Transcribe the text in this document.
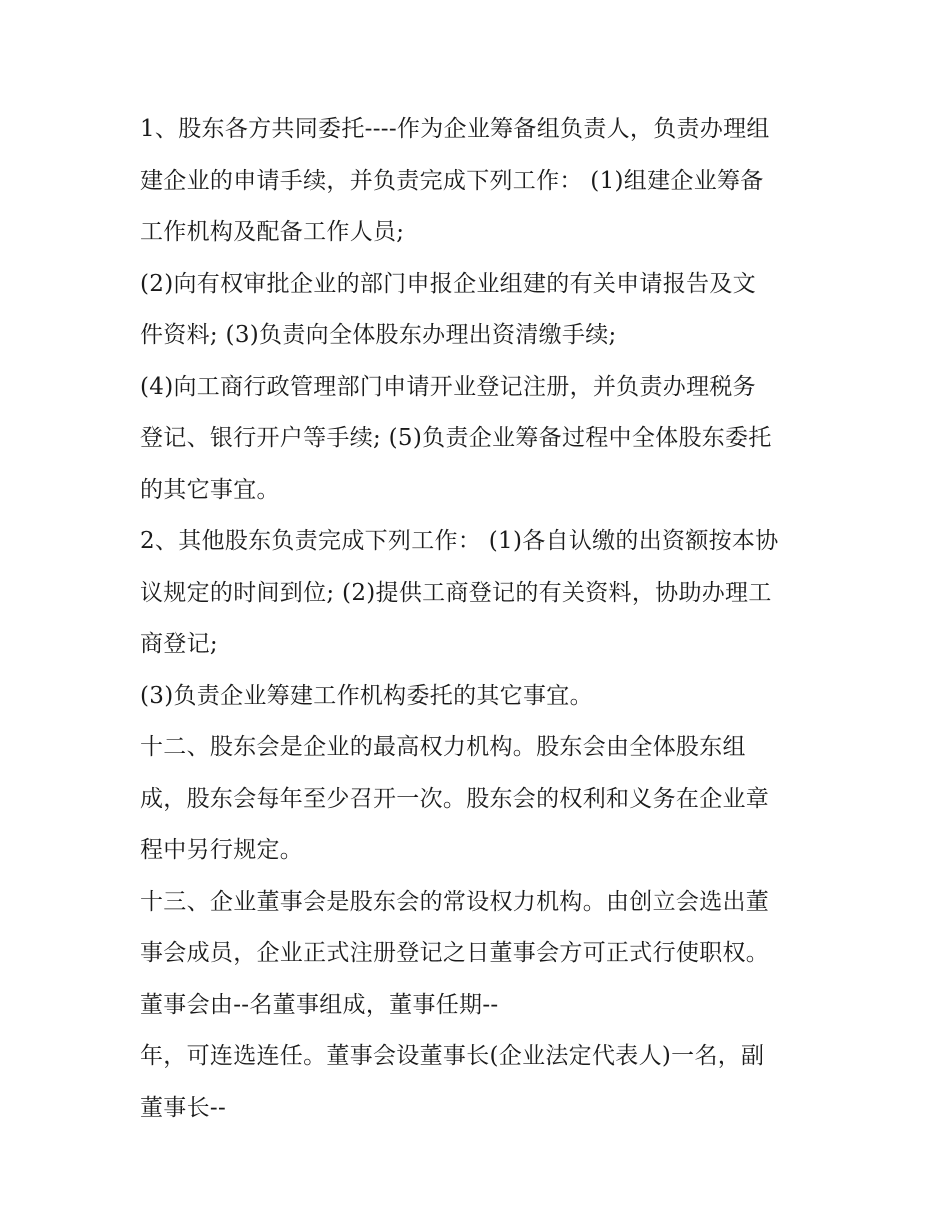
1、股东各方共同委托----作为企业筹备组负责人，负责办理组
建企业的申请手续，并负责完成下列工作： (1)组建企业筹备
工作机构及配备工作人员;
(2)向有权审批企业的部门申报企业组建的有关申请报告及文
件资料; (3)负责向全体股东办理出资清缴手续;
(4)向工商行政管理部门申请开业登记注册，并负责办理税务
登记、银行开户等手续; (5)负责企业筹备过程中全体股东委托
的其它事宜。
2、其他股东负责完成下列工作： (1)各自认缴的出资额按本协
议规定的时间到位; (2)提供工商登记的有关资料，协助办理工
商登记;
(3)负责企业筹建工作机构委托的其它事宜。
十二、股东会是企业的最高权力机构。股东会由全体股东组
成，股东会每年至少召开一次。股东会的权利和义务在企业章
程中另行规定。
十三、企业董事会是股东会的常设权力机构。由创立会选出董
事会成员，企业正式注册登记之日董事会方可正式行使职权。
董事会由--名董事组成，董事任期--
年，可连选连任。董事会设董事长(企业法定代表人)一名，副
董事长--
